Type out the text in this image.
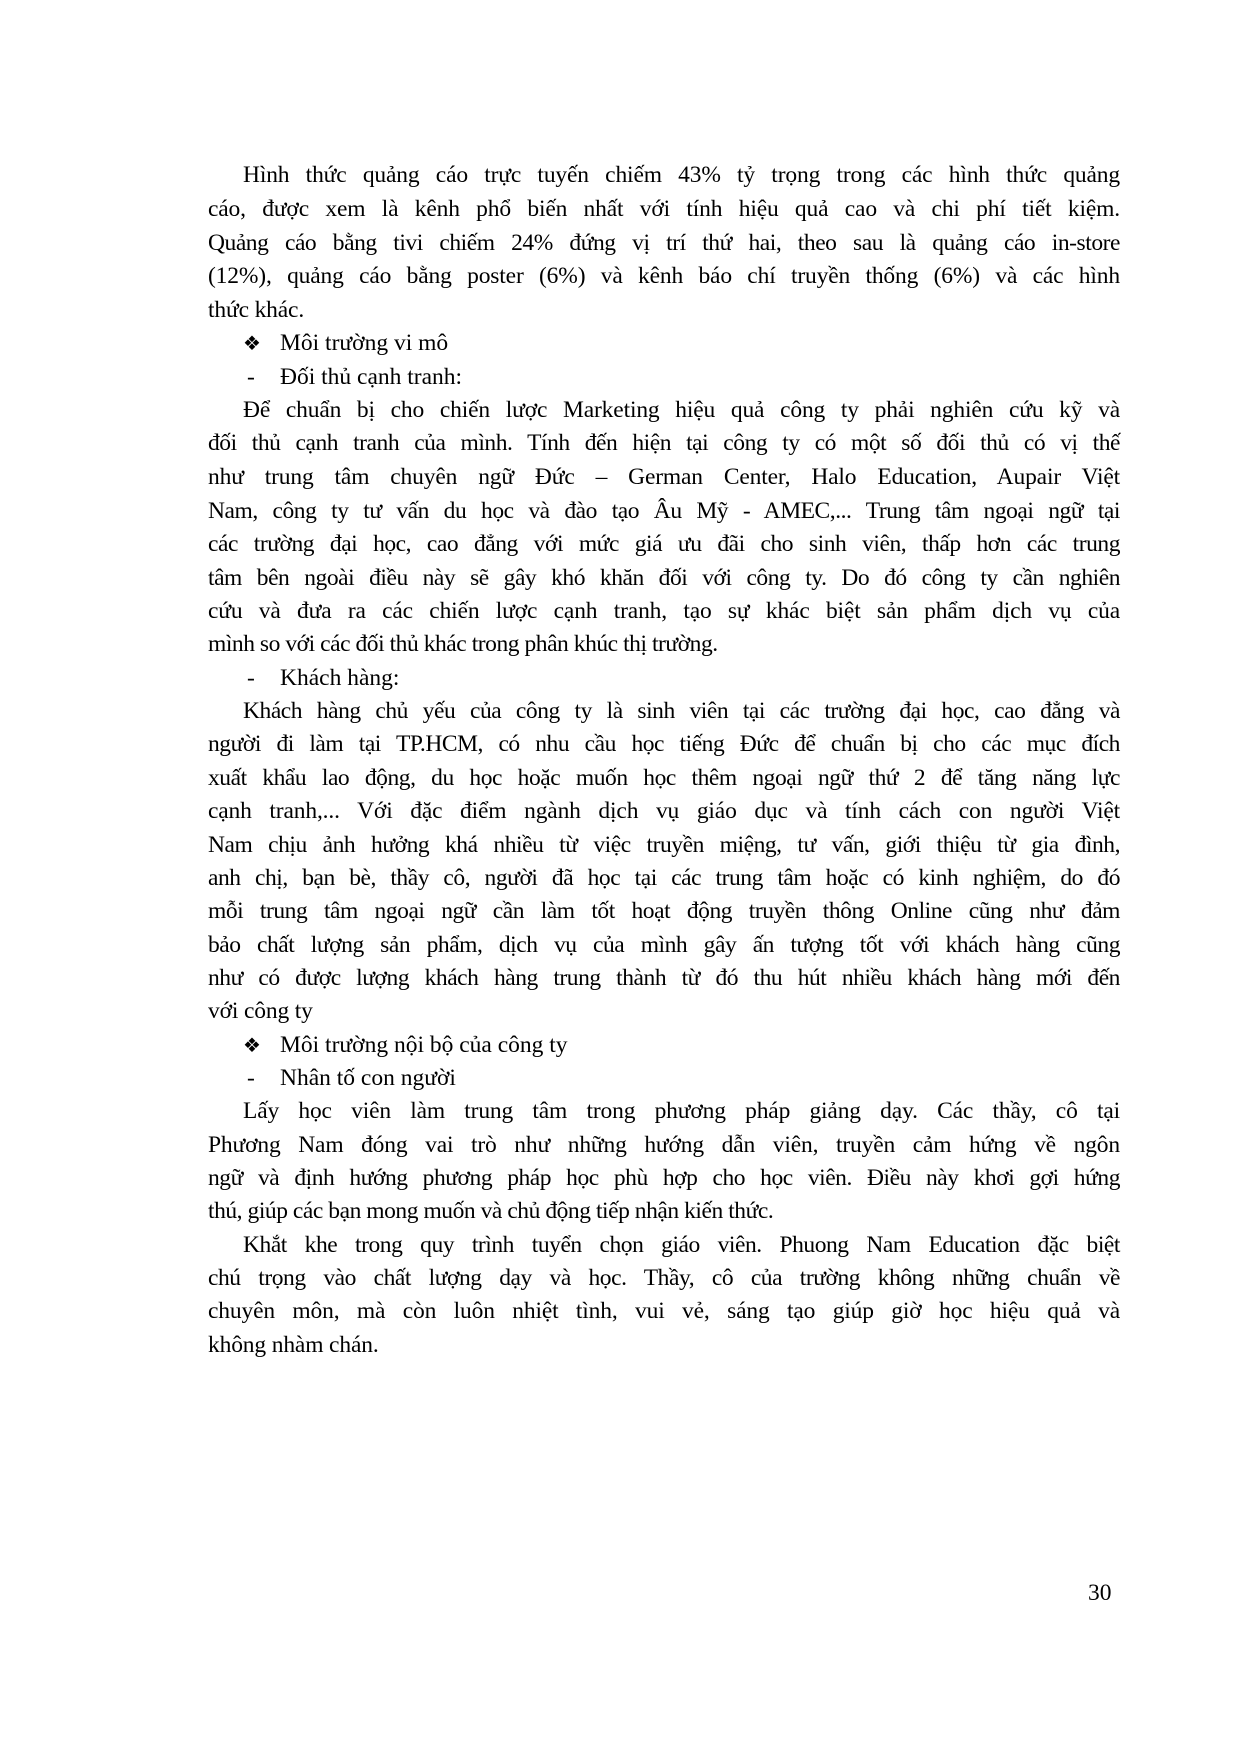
Hình thức quảng cáo trực tuyến chiếm 43% tỷ trọng trong các hình thức quảng
cáo, được xem là kênh phổ biến nhất với tính hiệu quả cao và chi phí tiết kiệm.
Quảng cáo bằng tivi chiếm 24% đứng vị trí thứ hai, theo sau là quảng cáo in-store
(12%), quảng cáo bằng poster (6%) và kênh báo chí truyền thống (6%) và các hình
thức khác.
❖ Môi trường vi mô
- Đối thủ cạnh tranh:
Để chuẩn bị cho chiến lược Marketing hiệu quả công ty phải nghiên cứu kỹ và
đối thủ cạnh tranh của mình. Tính đến hiện tại công ty có một số đối thủ có vị thế
như trung tâm chuyên ngữ Đức – German Center, Halo Education, Aupair Việt
Nam, công ty tư vấn du học và đào tạo Âu Mỹ - AMEC,... Trung tâm ngoại ngữ tại
các trường đại học, cao đẳng với mức giá ưu đãi cho sinh viên, thấp hơn các trung
tâm bên ngoài điều này sẽ gây khó khăn đối với công ty. Do đó công ty cần nghiên
cứu và đưa ra các chiến lược cạnh tranh, tạo sự khác biệt sản phẩm dịch vụ của
mình so với các đối thủ khác trong phân khúc thị trường.
- Khách hàng:
Khách hàng chủ yếu của công ty là sinh viên tại các trường đại học, cao đẳng và
người đi làm tại TP.HCM, có nhu cầu học tiếng Đức để chuẩn bị cho các mục đích
xuất khẩu lao động, du học hoặc muốn học thêm ngoại ngữ thứ 2 để tăng năng lực
cạnh tranh,... Với đặc điểm ngành dịch vụ giáo dục và tính cách con người Việt
Nam chịu ảnh hưởng khá nhiều từ việc truyền miệng, tư vấn, giới thiệu từ gia đình,
anh chị, bạn bè, thầy cô, người đã học tại các trung tâm hoặc có kinh nghiệm, do đó
mỗi trung tâm ngoại ngữ cần làm tốt hoạt động truyền thông Online cũng như đảm
bảo chất lượng sản phẩm, dịch vụ của mình gây ấn tượng tốt với khách hàng cũng
như có được lượng khách hàng trung thành từ đó thu hút nhiều khách hàng mới đến
với công ty
❖ Môi trường nội bộ của công ty
- Nhân tố con người
Lấy học viên làm trung tâm trong phương pháp giảng dạy. Các thầy, cô tại
Phương Nam đóng vai trò như những hướng dẫn viên, truyền cảm hứng về ngôn
ngữ và định hướng phương pháp học phù hợp cho học viên. Điều này khơi gợi hứng
thú, giúp các bạn mong muốn và chủ động tiếp nhận kiến thức.
Khắt khe trong quy trình tuyển chọn giáo viên. Phuong Nam Education đặc biệt
chú trọng vào chất lượng dạy và học. Thầy, cô của trường không những chuẩn về
chuyên môn, mà còn luôn nhiệt tình, vui vẻ, sáng tạo giúp giờ học hiệu quả và
không nhàm chán.
30
